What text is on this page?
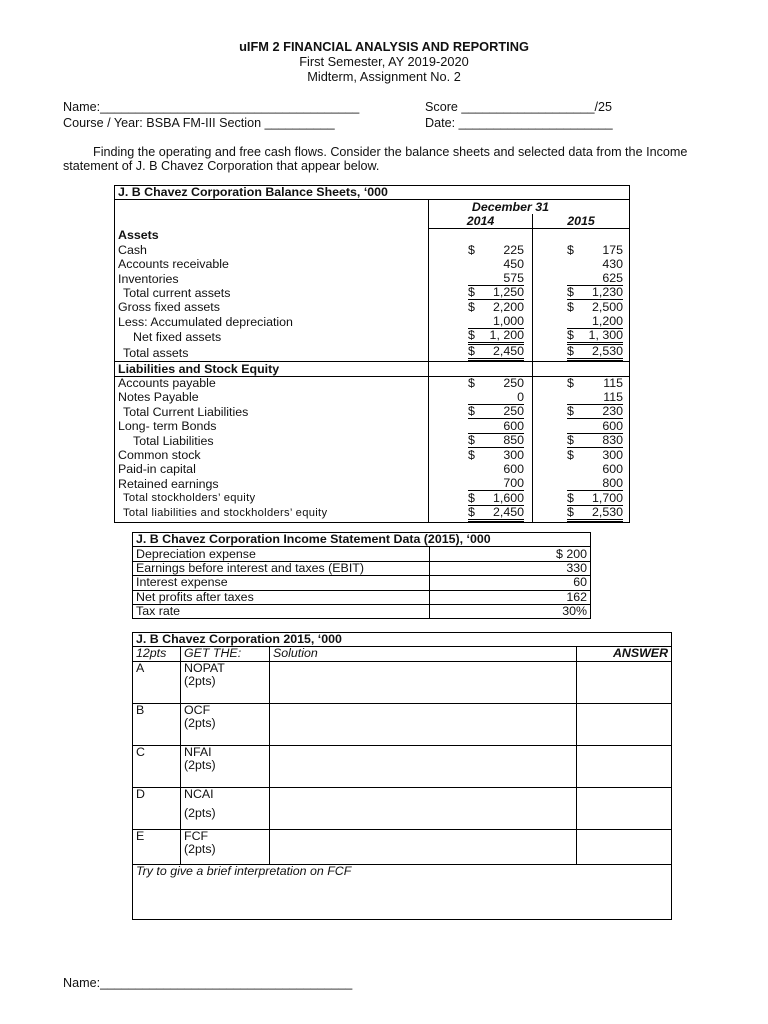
uIFM 2 FINANCIAL ANALYSIS AND REPORTING
First Semester, AY 2019-2020
Midterm, Assignment No. 2
Name:_____________________________________
Course / Year: BSBA FM-III Section __________
Score ___________________/25
Date: ______________________
Finding the operating and free cash flows. Consider the balance sheets and selected data from the Income statement of J. B Chavez Corporation that appear below.
J. B Chavez Corporation Balance Sheets, ‘000		
	December 31	
	2014	2015
Assets		
Cash	$ 225	$ 175

Accounts receivable	450	430

Inventories	575	625

Total current assets	$ 1,250	$ 1,230

Gross fixed assets	$ 2,200	$ 2,500

Less: Accumulated depreciation	1,000	1,200

Net fixed assets	$ 1, 200	$ 1, 300

Total assets	$ 2,450	$ 2,530

Liabilities and Stock Equity		
Accounts payable	$ 250	$ 115

Notes Payable	0	115

Total Current Liabilities	$ 250	$ 230

Long- term Bonds	600	600

Total Liabilities	$ 850	$ 830

Common stock	$ 300	$ 300

Paid-in capital	600	600

Retained earnings	700	800

Total stockholders’ equity	$ 1,600	$ 1,700

Total liabilities and stockholders’ equity	$ 2,450	$ 2,530
J. B Chavez Corporation Income Statement Data (2015), ‘000	
Depreciation expense	$ 200
Earnings before interest and taxes (EBIT)	330
Interest expense	60
Net profits after taxes	162
Tax rate	30%
J. B Chavez Corporation 2015, ‘000			
12pts	GET THE:	Solution	ANSWER
A	NOPAT
(2pts)		

B	OCF
(2pts)		

C	NFAI
(2pts)		

D	NCAI
(2pts)		

E	FCF
(2pts)		

Try to give a brief interpretation on FCF			
Name:____________________________________
